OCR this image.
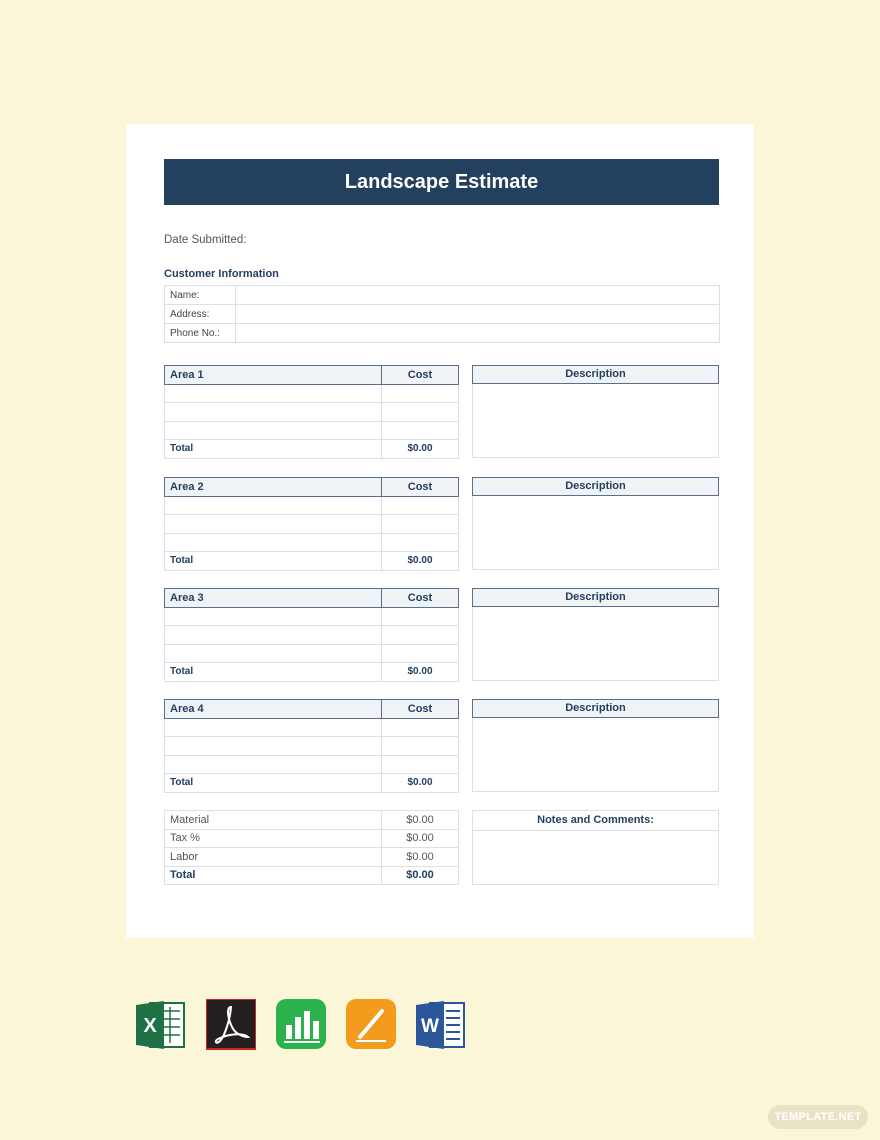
Landscape Estimate
Date Submitted:
Customer Information
Name:	
Address:	
Phone No.:	
Area 1	Cost

Total	$0.00
Description
Area 2	Cost

Total	$0.00
Description
Area 3	Cost

Total	$0.00
Description
Area 4	Cost

Total	$0.00
Description
Material	$0.00
Tax %	$0.00
Labor	$0.00
Total	$0.00
Notes and Comments:
X	W
TEMPLATE.NET
